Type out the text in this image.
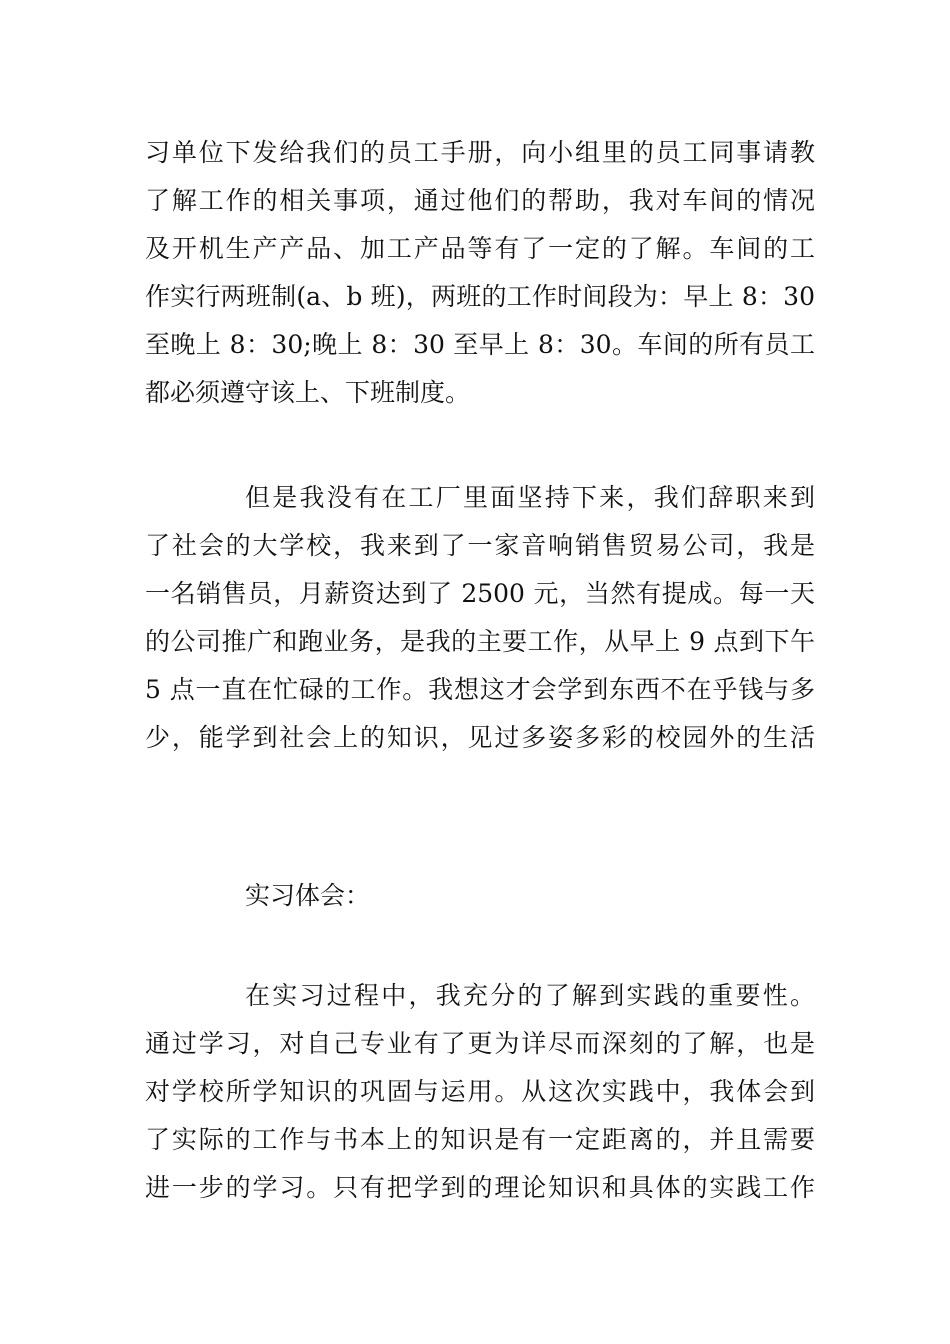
习单位下发给我们的员工手册，向小组里的员工同事请教
了解工作的相关事项，通过他们的帮助，我对车间的情况
及开机生产产品、加工产品等有了一定的了解。车间的工
作实行两班制(a、b 班)，两班的工作时间段为：早上 8：30
至晚上 8：30;晚上 8：30 至早上 8：30。车间的所有员工
都必须遵守该上、下班制度。
但是我没有在工厂里面坚持下来，我们辞职来到
了社会的大学校，我来到了一家音响销售贸易公司，我是
一名销售员，月薪资达到了 2500 元，当然有提成。每一天
的公司推广和跑业务，是我的主要工作，从早上 9 点到下午
5 点一直在忙碌的工作。我想这才会学到东西不在乎钱与多
少，能学到社会上的知识，见过多姿多彩的校园外的生活
实习体会：
在实习过程中，我充分的了解到实践的重要性。
通过学习，对自己专业有了更为详尽而深刻的了解，也是
对学校所学知识的巩固与运用。从这次实践中，我体会到
了实际的工作与书本上的知识是有一定距离的，并且需要
进一步的学习。只有把学到的理论知识和具体的实践工作
